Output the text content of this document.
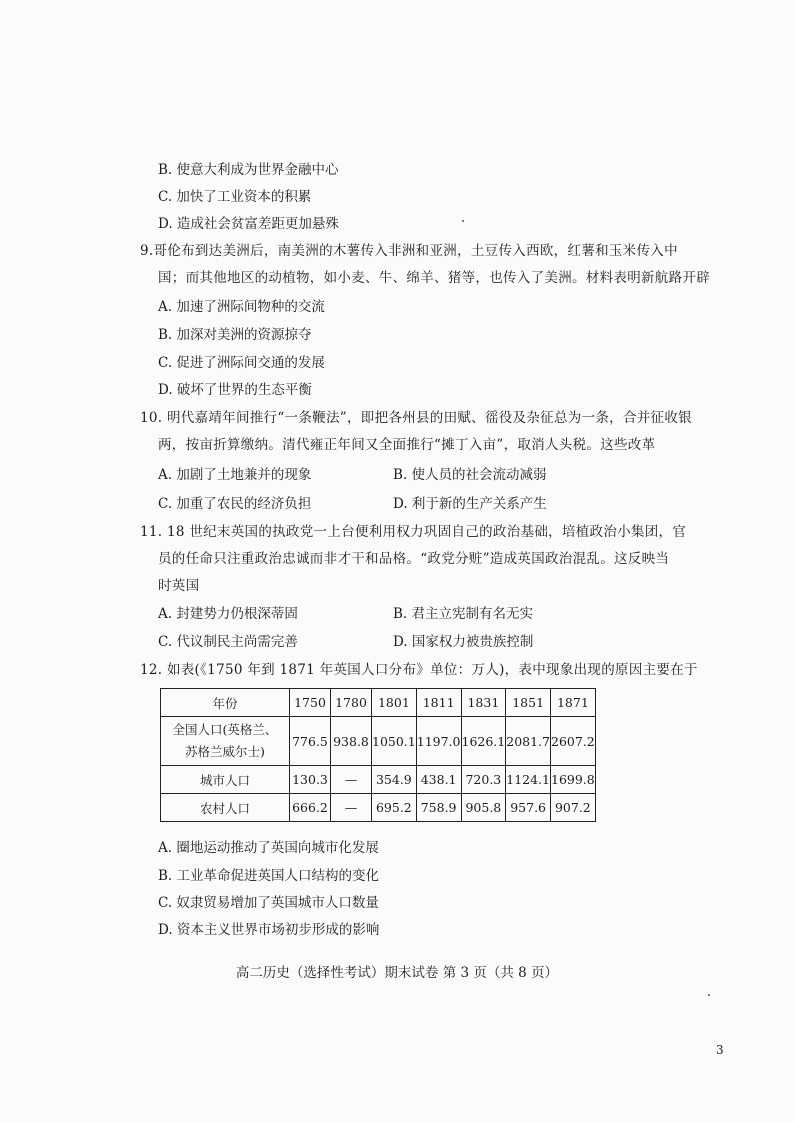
B. 使意大利成为世界金融中心
C. 加快了工业资本的积累
D. 造成社会贫富差距更加悬殊
9.哥伦布到达美洲后，南美洲的木薯传入非洲和亚洲，土豆传入西欧，红薯和玉米传入中
国；而其他地区的动植物，如小麦、牛、绵羊、猪等，也传入了美洲。材料表明新航路开辟
A. 加速了洲际间物种的交流
B. 加深对美洲的资源掠夺
C. 促进了洲际间交通的发展
D. 破坏了世界的生态平衡
10. 明代嘉靖年间推行“一条鞭法”，即把各州县的田赋、徭役及杂征总为一条，合并征收银
两，按亩折算缴纳。清代雍正年间又全面推行“摊丁入亩”，取消人头税。这些改革
A. 加剧了土地兼并的现象	B. 使人员的社会流动减弱
C. 加重了农民的经济负担	D. 利于新的生产关系产生
11. 18 世纪末英国的执政党一上台便利用权力巩固自己的政治基础，培植政治小集团，官
员的任命只注重政治忠诚而非才干和品格。“政党分赃”造成英国政治混乱。这反映当
时英国
A. 封建势力仍根深蒂固	B. 君主立宪制有名无实
C. 代议制民主尚需完善	D. 国家权力被贵族控制
12. 如表(《1750 年到 1871 年英国人口分布》单位：万人)，表中现象出现的原因主要在于
年份	1750	1780	1801	1811	1831	1851	1871

全国人口(英格兰、
苏格兰威尔士)	776.5	938.8	1050.1	1197.0	1626.1	2081.7	2607.2
城市人口	130.3	—	354.9	438.1	720.3	1124.1	1699.8
农村人口	666.2	—	695.2	758.9	905.8	957.6	907.2
A. 圈地运动推动了英国向城市化发展
B. 工业革命促进英国人口结构的变化
C. 奴隶贸易增加了英国城市人口数量
D. 资本主义世界市场初步形成的影响
高二历史（选择性考试）期末试卷 第 3 页（共 8 页）
3
